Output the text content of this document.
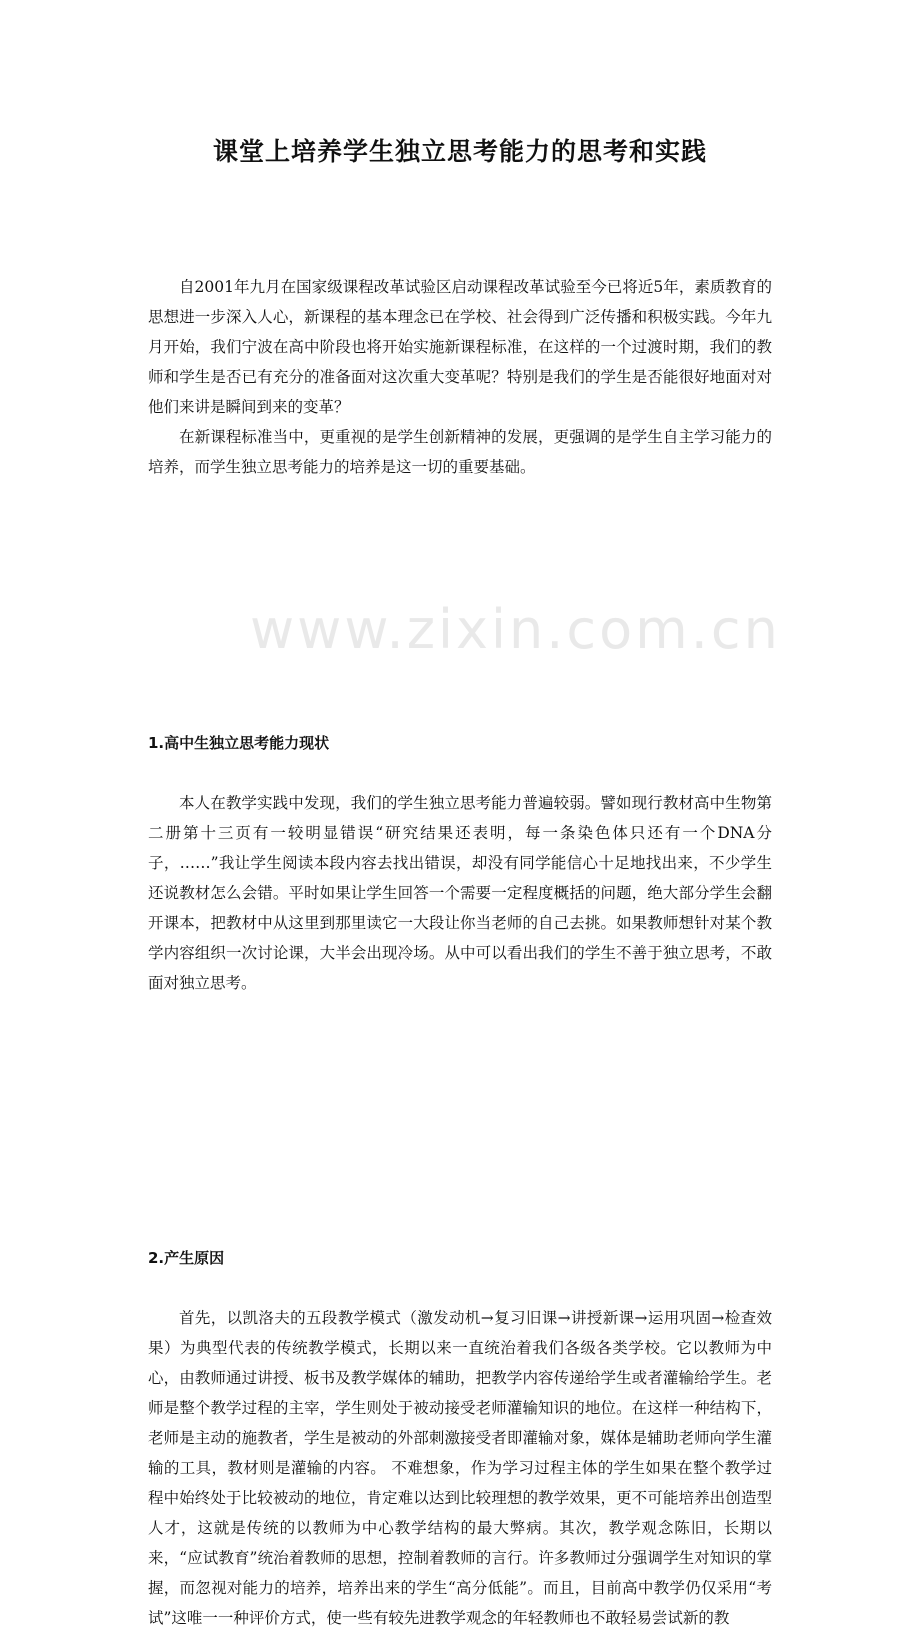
www.zixin.com.cn
课堂上培养学生独立思考能力的思考和实践

自2001年九月在国家级课程改革试验区启动课程改革试验至今已将近5年，素质教育的思想进一步深入人心，新课程的基本理念已在学校、社会得到广泛传播和积极实践。今年九月开始，我们宁波在高中阶段也将开始实施新课程标准，在这样的一个过渡时期，我们的教师和学生是否已有充分的准备面对这次重大变革呢？特别是我们的学生是否能很好地面对对他们来讲是瞬间到来的变革？

在新课程标准当中，更重视的是学生创新精神的发展，更强调的是学生自主学习能力的培养，而学生独立思考能力的培养是这一切的重要基础。

1.高中生独立思考能力现状

本人在教学实践中发现，我们的学生独立思考能力普遍较弱。譬如现行教材高中生物第二册第十三页有一较明显错误“研究结果还表明，每一条染色体只还有一个DNA分子，……”我让学生阅读本段内容去找出错误，却没有同学能信心十足地找出来，不少学生还说教材怎么会错。平时如果让学生回答一个需要一定程度概括的问题，绝大部分学生会翻开课本，把教材中从这里到那里读它一大段让你当老师的自己去挑。如果教师想针对某个教学内容组织一次讨论课，大半会出现冷场。从中可以看出我们的学生不善于独立思考，不敢面对独立思考。

2.产生原因

首先，以凯洛夫的五段教学模式（激发动机→复习旧课→讲授新课→运用巩固→检查效果）为典型代表的传统教学模式，长期以来一直统治着我们各级各类学校。它以教师为中心，由教师通过讲授、板书及教学媒体的辅助，把教学内容传递给学生或者灌输给学生。老师是整个教学过程的主宰，学生则处于被动接受老师灌输知识的地位。在这样一种结构下，老师是主动的施教者，学生是被动的外部刺激接受者即灌输对象，媒体是辅助老师向学生灌输的工具，教材则是灌输的内容。 不难想象，作为学习过程主体的学生如果在整个教学过程中始终处于比较被动的地位，肯定难以达到比较理想的教学效果，更不可能培养出创造型人才，这就是传统的以教师为中心教学结构的最大弊病。其次，教学观念陈旧，长期以来，“应试教育”统治着教师的思想，控制着教师的言行。许多教师过分强调学生对知识的掌握，而忽视对能力的培养，培养出来的学生“高分低能”。而且，目前高中教学仍仅采用“考试”这唯一一种评价方式，使一些有较先进教学观念的年轻教师也不敢轻易尝试新的教
